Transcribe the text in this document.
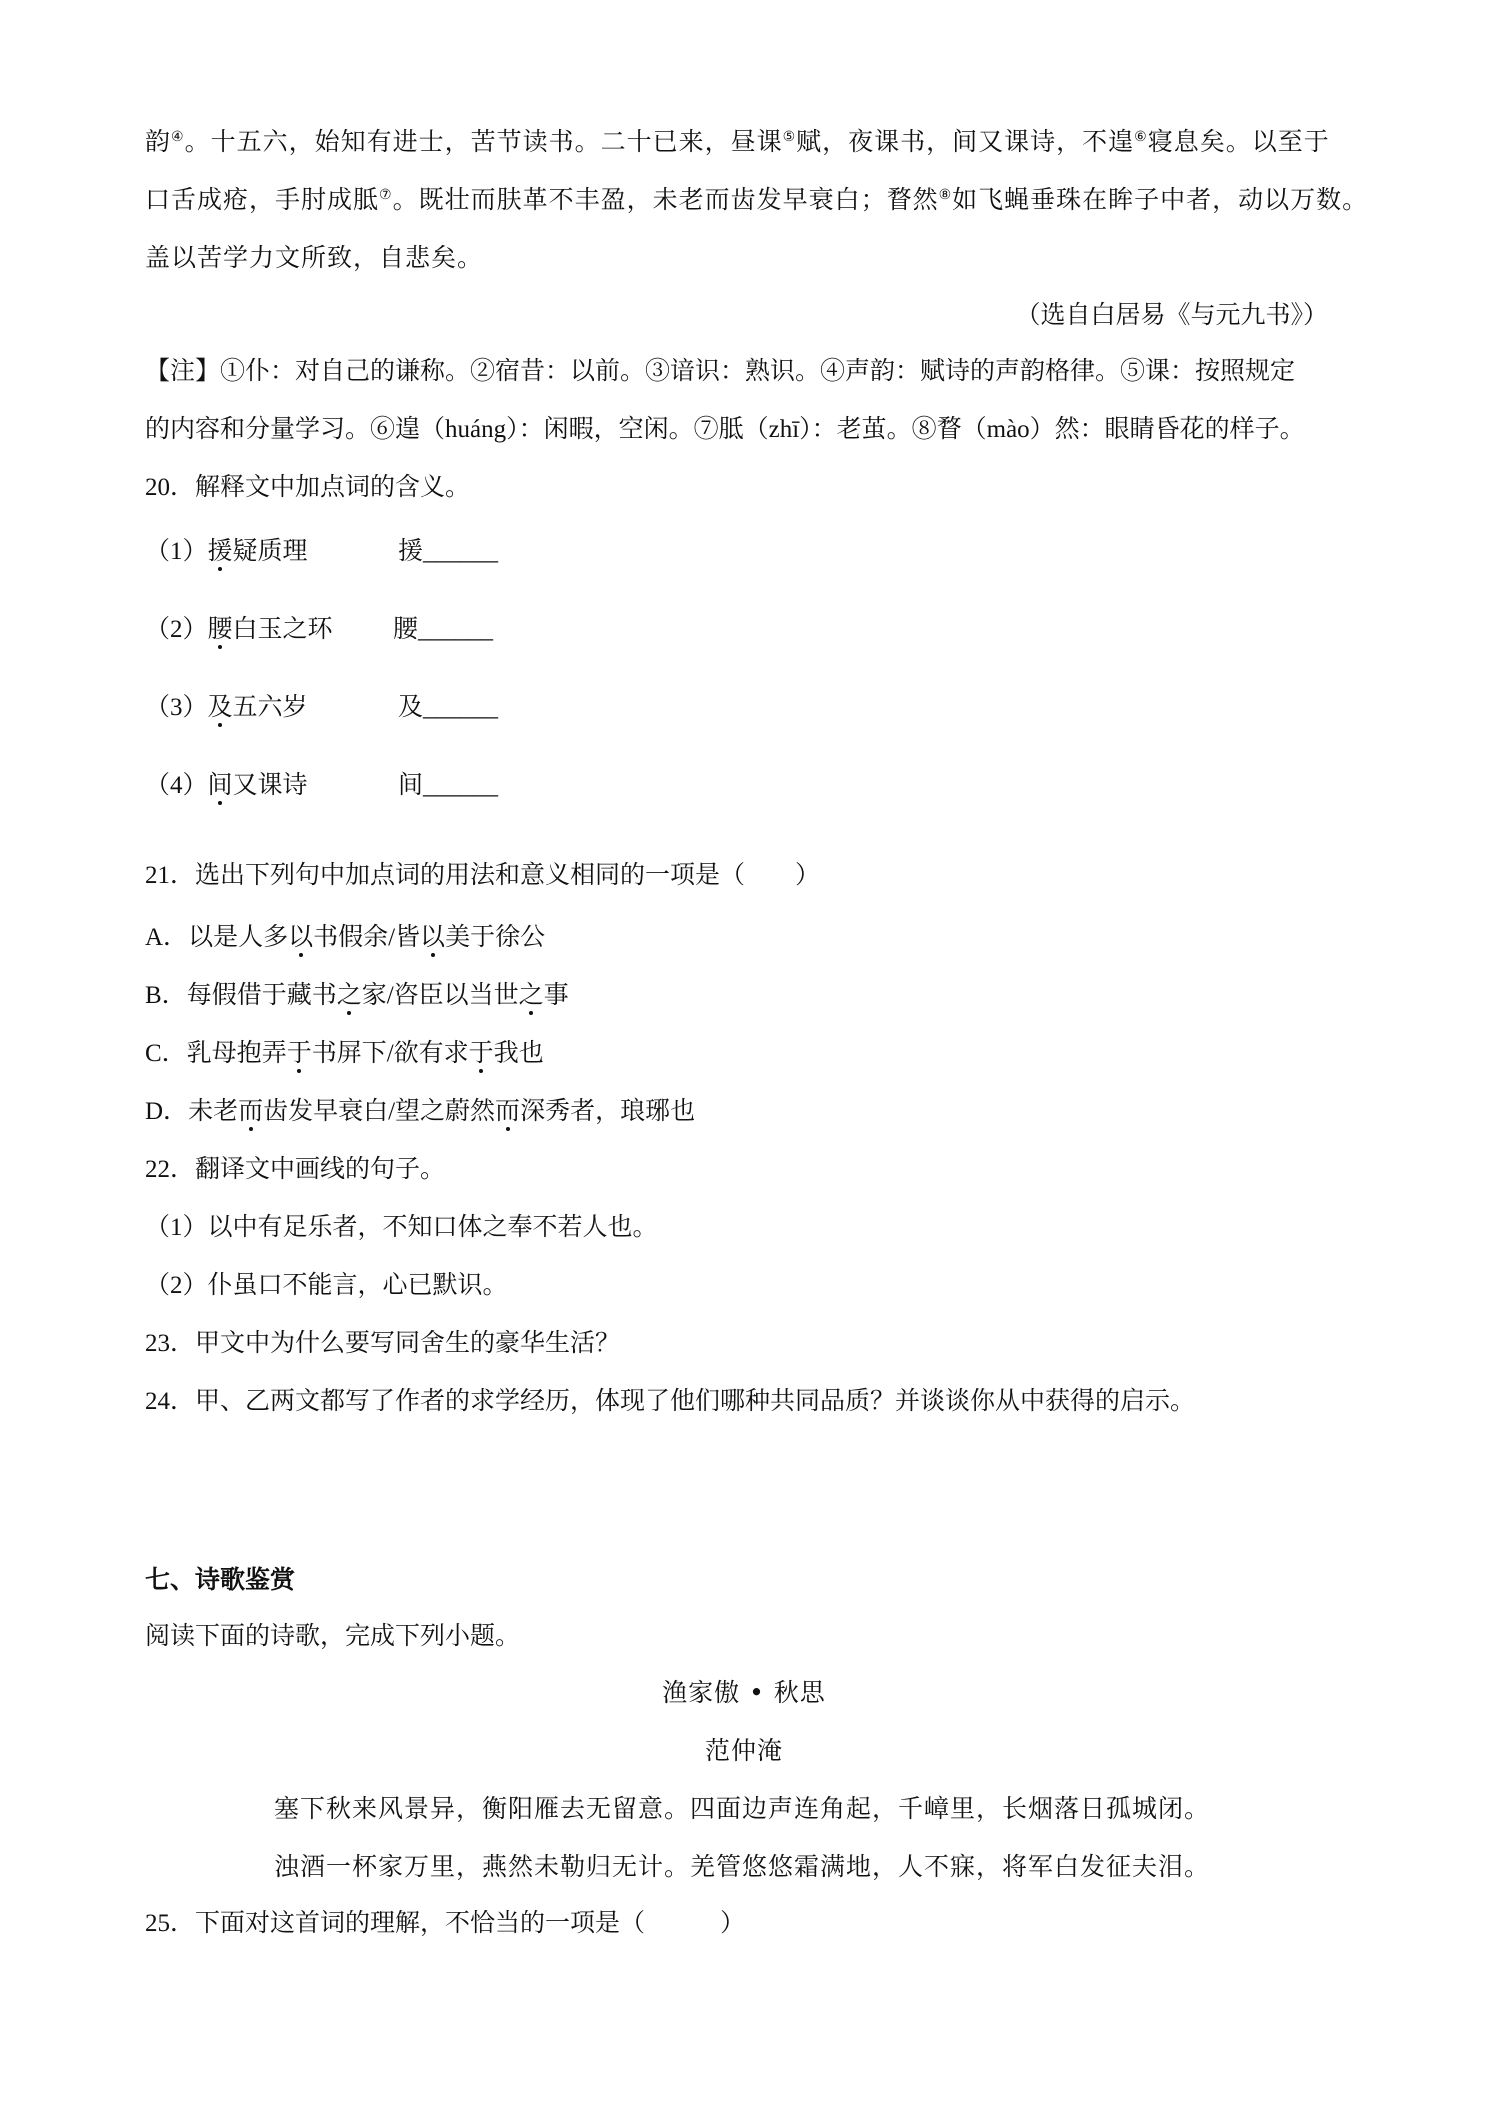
韵④。十五六，始知有进士，苦节读书。二十已来，昼课⑤赋，夜课书，间又课诗，不遑⑥寝息矣。以至于
口舌成疮，手肘成胝⑦。既壮而肤革不丰盈，未老而齿发早衰白；瞀然⑧如飞蝇垂珠在眸子中者，动以万数。
盖以苦学力文所致，自悲矣。
（选自白居易《与元九书》）
【注】①仆：对自己的谦称。②宿昔：以前。③谙识：熟识。④声韵：赋诗的声韵格律。⑤课：按照规定
的内容和分量学习。⑥遑（huáng）：闲暇，空闲。⑦胝（zhī）：老茧。⑧瞀（mào）然：眼睛昏花的样子。
20．解释文中加点词的含义。
（1）援疑质理	援______
（2）腰白玉之环 腰______
（3）及五六岁	及______
（4）间又课诗	间______
21．选出下列句中加点词的用法和意义相同的一项是（　　）
A．以是人多以书假余/皆以美于徐公
B．每假借于藏书之家/咨臣以当世之事
C．乳母抱弄于书屏下/欲有求于我也
D．未老而齿发早衰白/望之蔚然而深秀者，琅琊也
22．翻译文中画线的句子。
（1）以中有足乐者，不知口体之奉不若人也。
（2）仆虽口不能言，心已默识。
23．甲文中为什么要写同舍生的豪华生活？
24．甲、乙两文都写了作者的求学经历，体现了他们哪种共同品质？并谈谈你从中获得的启示。
七、诗歌鉴赏
阅读下面的诗歌，完成下列小题。
渔家傲 • 秋思
范仲淹
塞下秋来风景异，衡阳雁去无留意。四面边声连角起，千嶂里，长烟落日孤城闭。
浊酒一杯家万里，燕然未勒归无计。羌管悠悠霜满地，人不寐，将军白发征夫泪。
25．下面对这首词的理解，不恰当的一项是（　　　）
